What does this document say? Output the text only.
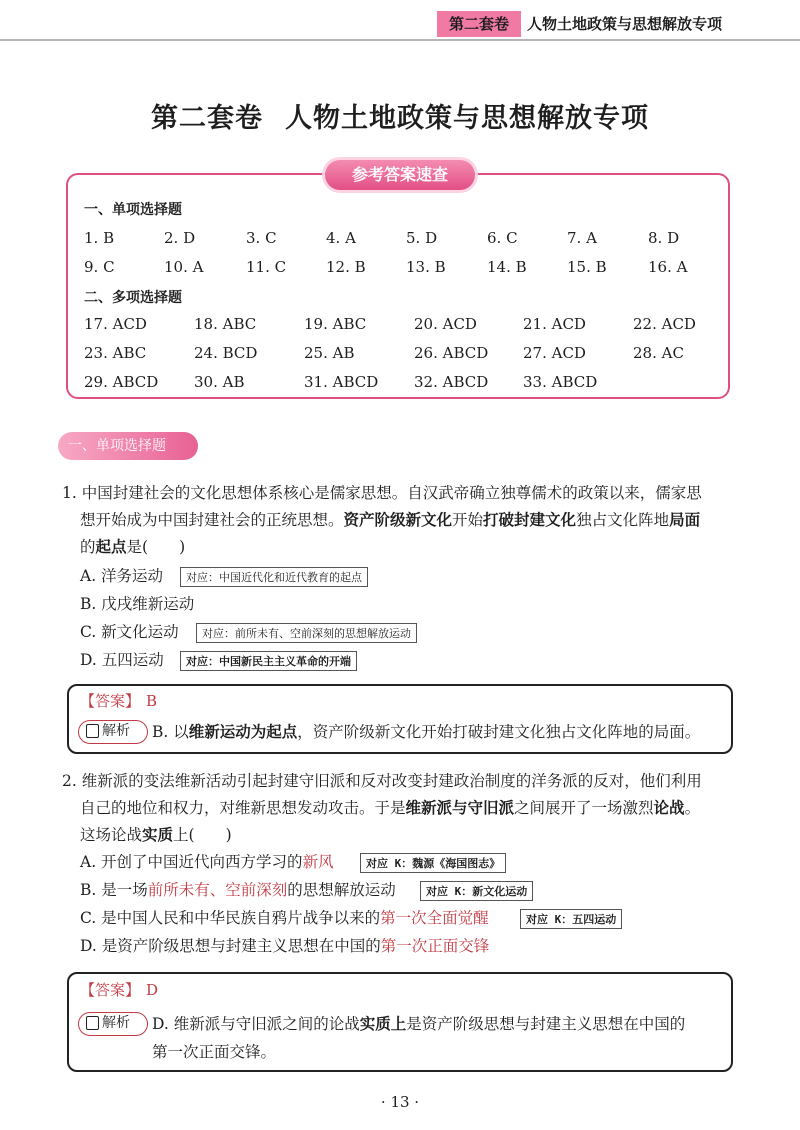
第二套卷	人物土地政策与思想解放专项
第二套卷 人物土地政策与思想解放专项
参考答案速查
一、单项选择题
二、多项选择题
1. B	2. D	3. C	4. A	5. D	6. C	7. A	8. D
9. C	10. A	11. C	12. B	13. B	14. B	15. B	16. A
17. ACD	18. ABC	19. ABC	20. ACD	21. ACD	22. ACD
23. ABC	24. BCD	25. AB	26. ABCD 27. ACD	28. AC
29. ABCD 30. AB	31. ABCD 32. ABCD 33. ABCD
一、单项选择题
1. 中国封建社会的文化思想体系核心是儒家思想。自汉武帝确立独尊儒术的政策以来，儒家思
想开始成为中国封建社会的正统思想。资产阶级新文化开始打破封建文化独占文化阵地局面
的起点是(　　)
A. 洋务运动	对应：中国近代化和近代教育的起点
B. 戊戌维新运动
C. 新文化运动	对应：前所未有、空前深刻的思想解放运动
D. 五四运动	对应：中国新民主主义革命的开端
【答案】 B
解析	B. 以维新运动为起点，资产阶级新文化开始打破封建文化独占文化阵地的局面。
2. 维新派的变法维新活动引起封建守旧派和反对改变封建政治制度的洋务派的反对，他们利用
自己的地位和权力，对维新思想发动攻击。于是维新派与守旧派之间展开了一场激烈论战。
这场论战实质上(　　)
A. 开创了中国近代向西方学习的新风	对应 K：魏源《海国图志》
B. 是一场前所未有、空前深刻的思想解放运动	对应 K：新文化运动
C. 是中国人民和中华民族自鸦片战争以来的第一次全面觉醒	对应 K：五四运动
D. 是资产阶级思想与封建主义思想在中国的第一次正面交锋
【答案】 D
解析	D. 维新派与守旧派之间的论战实质上是资产阶级思想与封建主义思想在中国的
第一次正面交锋。
· 13 ·
